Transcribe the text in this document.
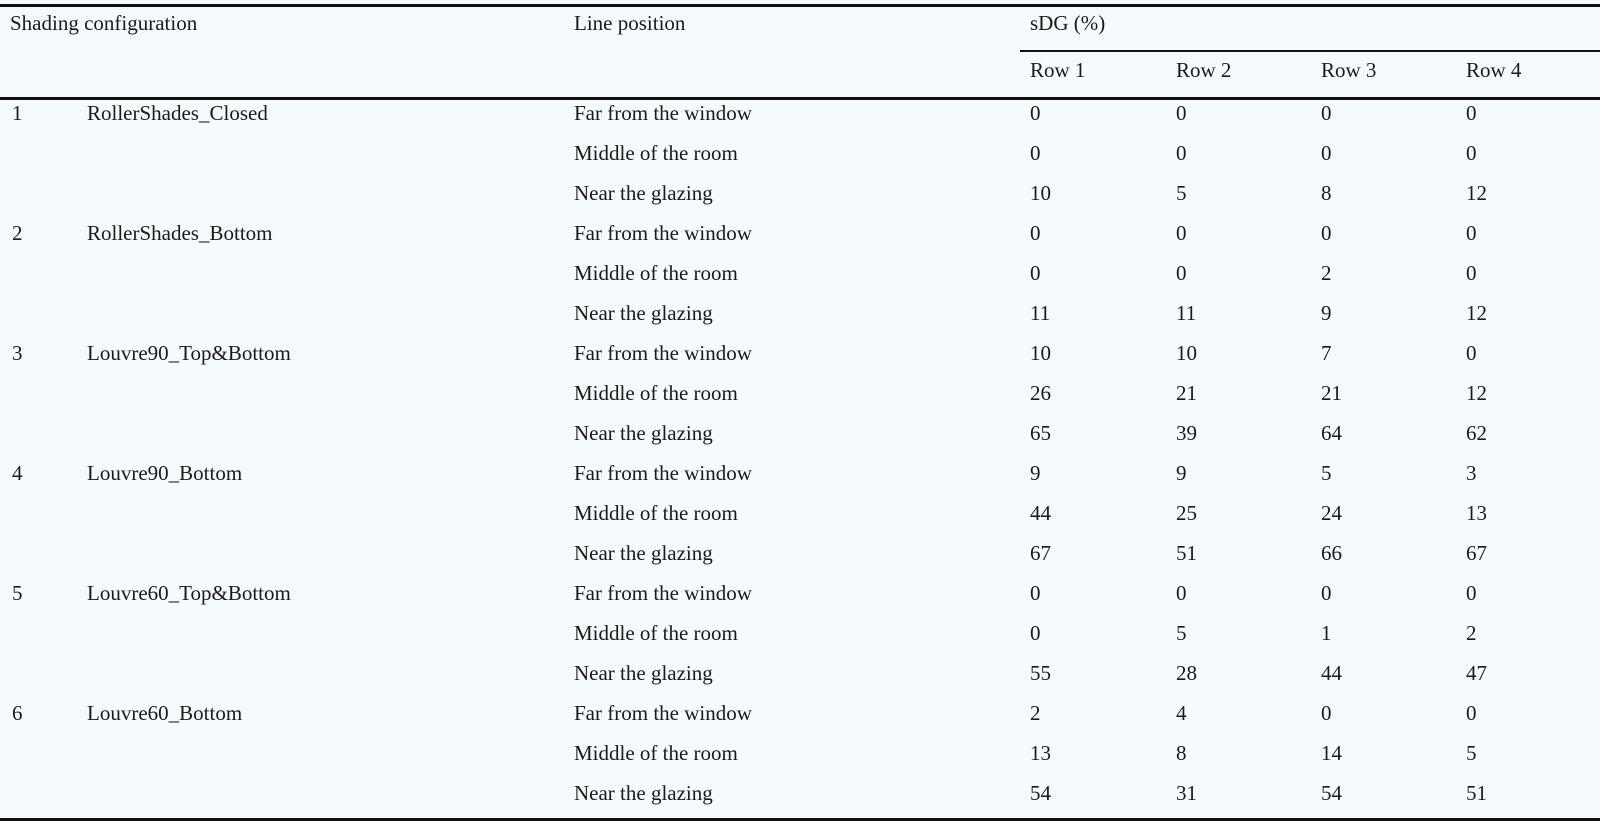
Shading configuration		Line position	sDG (%)			
			Row 1	Row 2	Row 3	Row 4
1	RollerShades_Closed	Far from the window	0	0	0	0
		Middle of the room	0	0	0	0
		Near the glazing	10	5	8	12
2	RollerShades_Bottom	Far from the window	0	0	0	0
		Middle of the room	0	0	2	0
		Near the glazing	11	11	9	12
3	Louvre90_Top&Bottom	Far from the window	10	10	7	0
		Middle of the room	26	21	21	12
		Near the glazing	65	39	64	62
4	Louvre90_Bottom	Far from the window	9	9	5	3
		Middle of the room	44	25	24	13
		Near the glazing	67	51	66	67
5	Louvre60_Top&Bottom	Far from the window	0	0	0	0
		Middle of the room	0	5	1	2
		Near the glazing	55	28	44	47
6	Louvre60_Bottom	Far from the window	2	4	0	0
		Middle of the room	13	8	14	5
		Near the glazing	54	31	54	51
